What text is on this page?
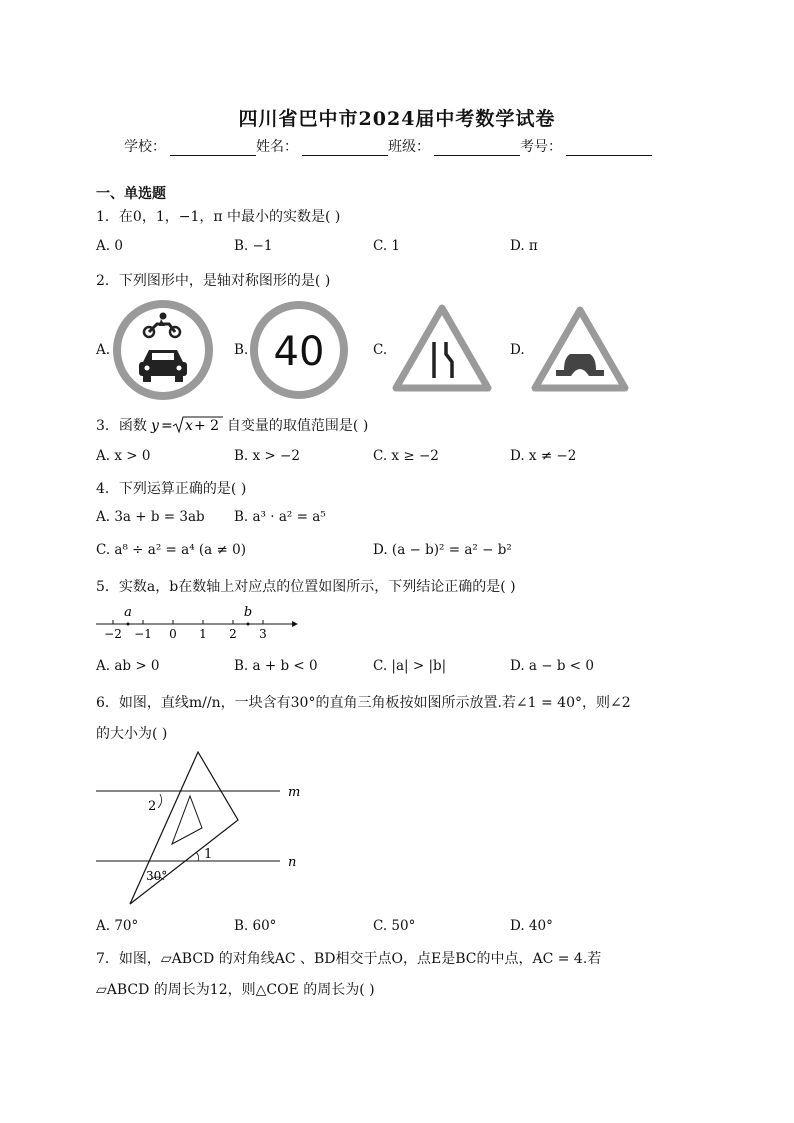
四川省巴中市2024届中考数学试卷
学校：	姓名：	班级：	考号：
一、单选题
1．在0，1，−1，π 中最小的实数是( )
A. 0	B. −1	C. 1	D. π
2．下列图形中，是轴对称图形的是( )
A.	B. 40	C.	D.
3．函数 y = x + 2 自变量的取值范围是( )
A. x > 0	B. x > −2	C. x ≥ −2	D. x ≠ −2
4．下列运算正确的是( )
A. 3a + b = 3ab B. a³ · a² = a⁵
C. a⁸ ÷ a² = a⁴ (a ≠ 0)	D. (a − b)² = a² − b²
5．实数a，b在数轴上对应点的位置如图所示，下列结论正确的是( )
−2 −1 0 1 2 3
a	b
A. ab > 0	B. a + b < 0	C. |a| > |b|	D. a − b < 0
6．如图，直线m//n，一块含有30°的直角三角板按如图所示放置.若∠1 = 40°，则∠2
的大小为( )
m
n
1
2
30°
A. 70°	B. 60°	C. 50°	D. 40°
7．如图，▱ABCD 的对角线AC 、BD相交于点O，点E是BC的中点，AC = 4.若
▱ABCD 的周长为12，则△COE 的周长为( )
